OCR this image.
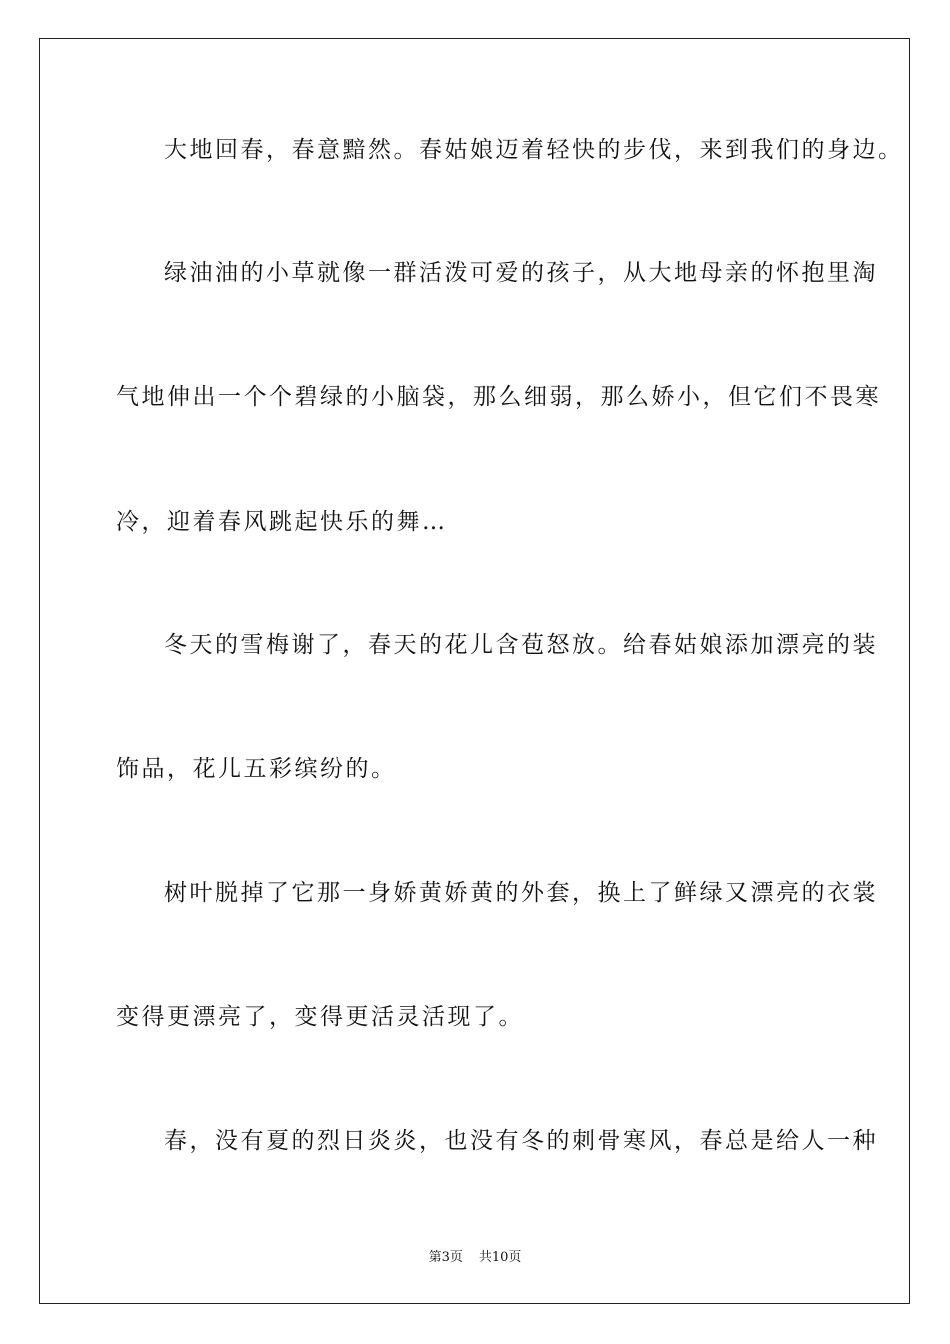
大地回春，春意黯然。春姑娘迈着轻快的步伐，来到我们的身边。
绿油油的小草就像一群活泼可爱的孩子，从大地母亲的怀抱里淘
气地伸出一个个碧绿的小脑袋，那么细弱，那么娇小，但它们不畏寒
冷，迎着春风跳起快乐的舞…
冬天的雪梅谢了，春天的花儿含苞怒放。给春姑娘添加漂亮的装
饰品，花儿五彩缤纷的。
树叶脱掉了它那一身娇黄娇黄的外套，换上了鲜绿又漂亮的衣裳
变得更漂亮了，变得更活灵活现了。
春，没有夏的烈日炎炎，也没有冬的刺骨寒风，春总是给人一种
第3页 共10页
